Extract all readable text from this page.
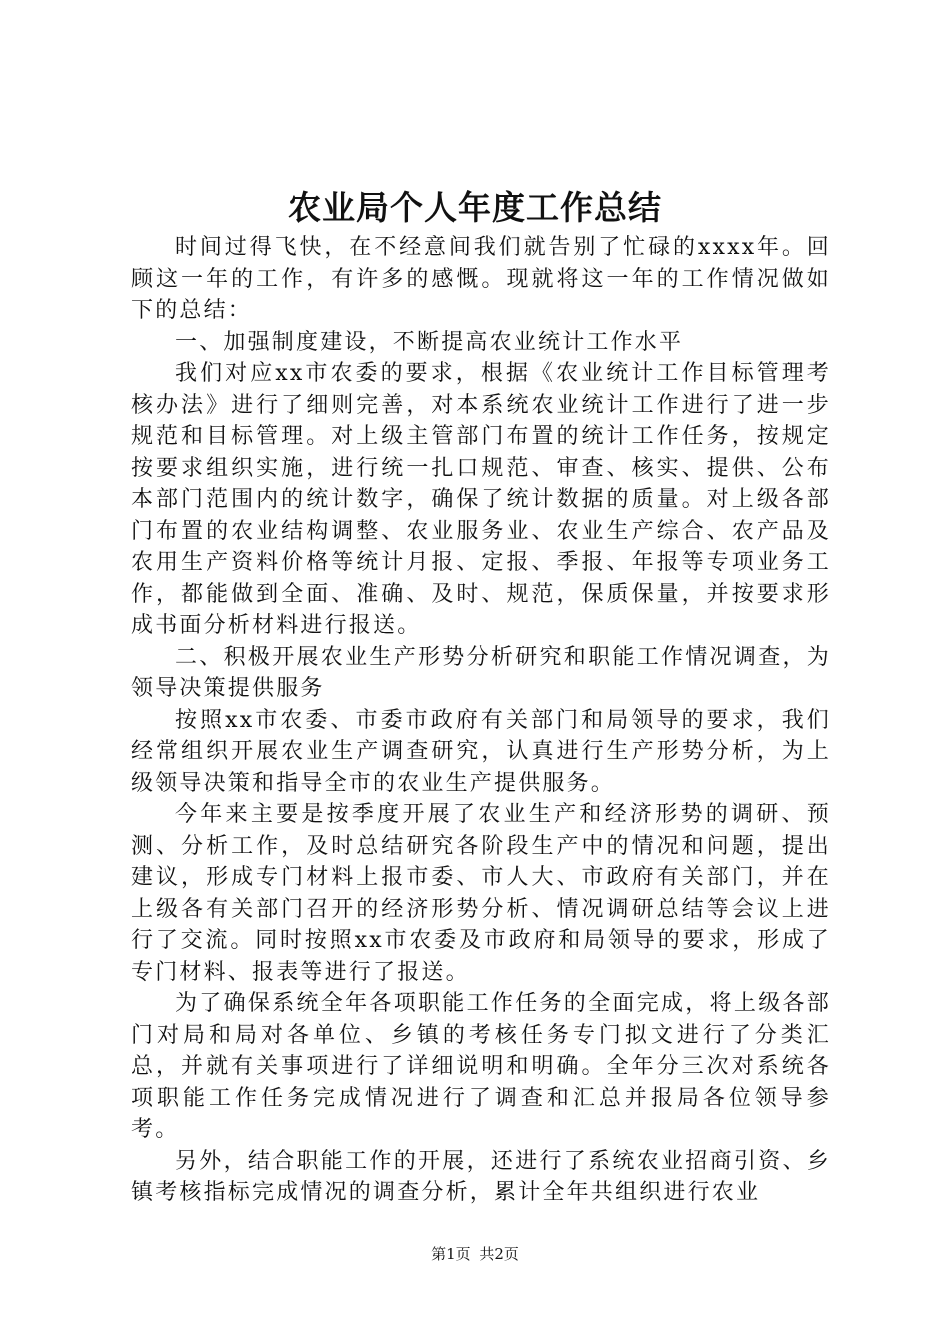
农业局个人年度工作总结

时间过得飞快，在不经意间我们就告别了忙碌的xxxx年。回顾这一年的工作，有许多的感慨。现就将这一年的工作情况做如下的总结：

一、加强制度建设，不断提高农业统计工作水平

我们对应xx市农委的要求，根据《农业统计工作目标管理考核办法》进行了细则完善，对本系统农业统计工作进行了进一步规范和目标管理。对上级主管部门布置的统计工作任务，按规定按要求组织实施，进行统一扎口规范、审查、核实、提供、公布本部门范围内的统计数字，确保了统计数据的质量。对上级各部门布置的农业结构调整、农业服务业、农业生产综合、农产品及农用生产资料价格等统计月报、定报、季报、年报等专项业务工作，都能做到全面、准确、及时、规范，保质保量，并按要求形成书面分析材料进行报送。

二、积极开展农业生产形势分析研究和职能工作情况调查，为领导决策提供服务

按照xx市农委、市委市政府有关部门和局领导的要求，我们经常组织开展农业生产调查研究，认真进行生产形势分析，为上级领导决策和指导全市的农业生产提供服务。

今年来主要是按季度开展了农业生产和经济形势的调研、预测、分析工作，及时总结研究各阶段生产中的情况和问题，提出建议，形成专门材料上报市委、市人大、市政府有关部门，并在上级各有关部门召开的经济形势分析、情况调研总结等会议上进行了交流。同时按照xx市农委及市政府和局领导的要求，形成了专门材料、报表等进行了报送。

为了确保系统全年各项职能工作任务的全面完成，将上级各部门对局和局对各单位、乡镇的考核任务专门拟文进行了分类汇总，并就有关事项进行了详细说明和明确。全年分三次对系统各项职能工作任务完成情况进行了调查和汇总并报局各位领导参考。

另外，结合职能工作的开展，还进行了系统农业招商引资、乡镇考核指标完成情况的调查分析，累计全年共组织进行农业

第1页 共2页
